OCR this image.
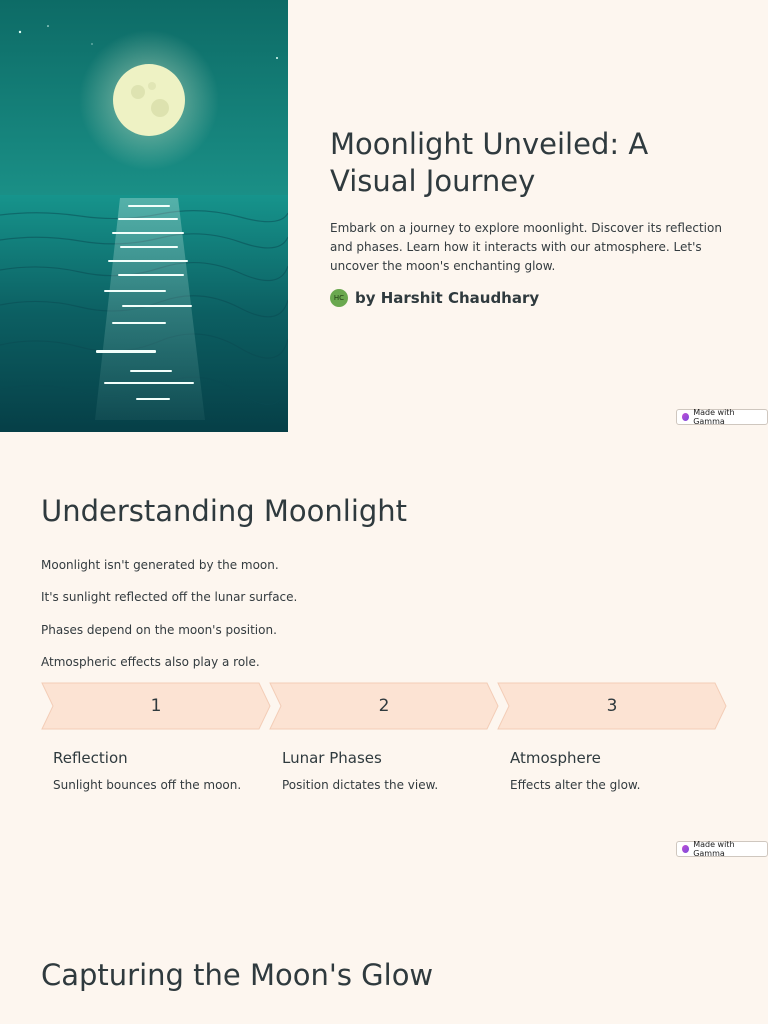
Moonlight Unveiled: A Visual Journey

Embark on a journey to explore moonlight. Discover its reflection and phases. Learn how it interacts with our atmosphere. Let's uncover the moon's enchanting glow.

HC by Harshit Chaudhary
Made with Gamma
Understanding Moonlight

Moonlight isn't generated by the moon.

It's sunlight reflected off the lunar surface.

Phases depend on the moon's position.

Atmospheric effects also play a role.

1	2	3

Reflection

Sunlight bounces off the moon.

Lunar Phases

Position dictates the view.

Atmosphere

Effects alter the glow.

Made with Gamma
Capturing the Moon's Glow
